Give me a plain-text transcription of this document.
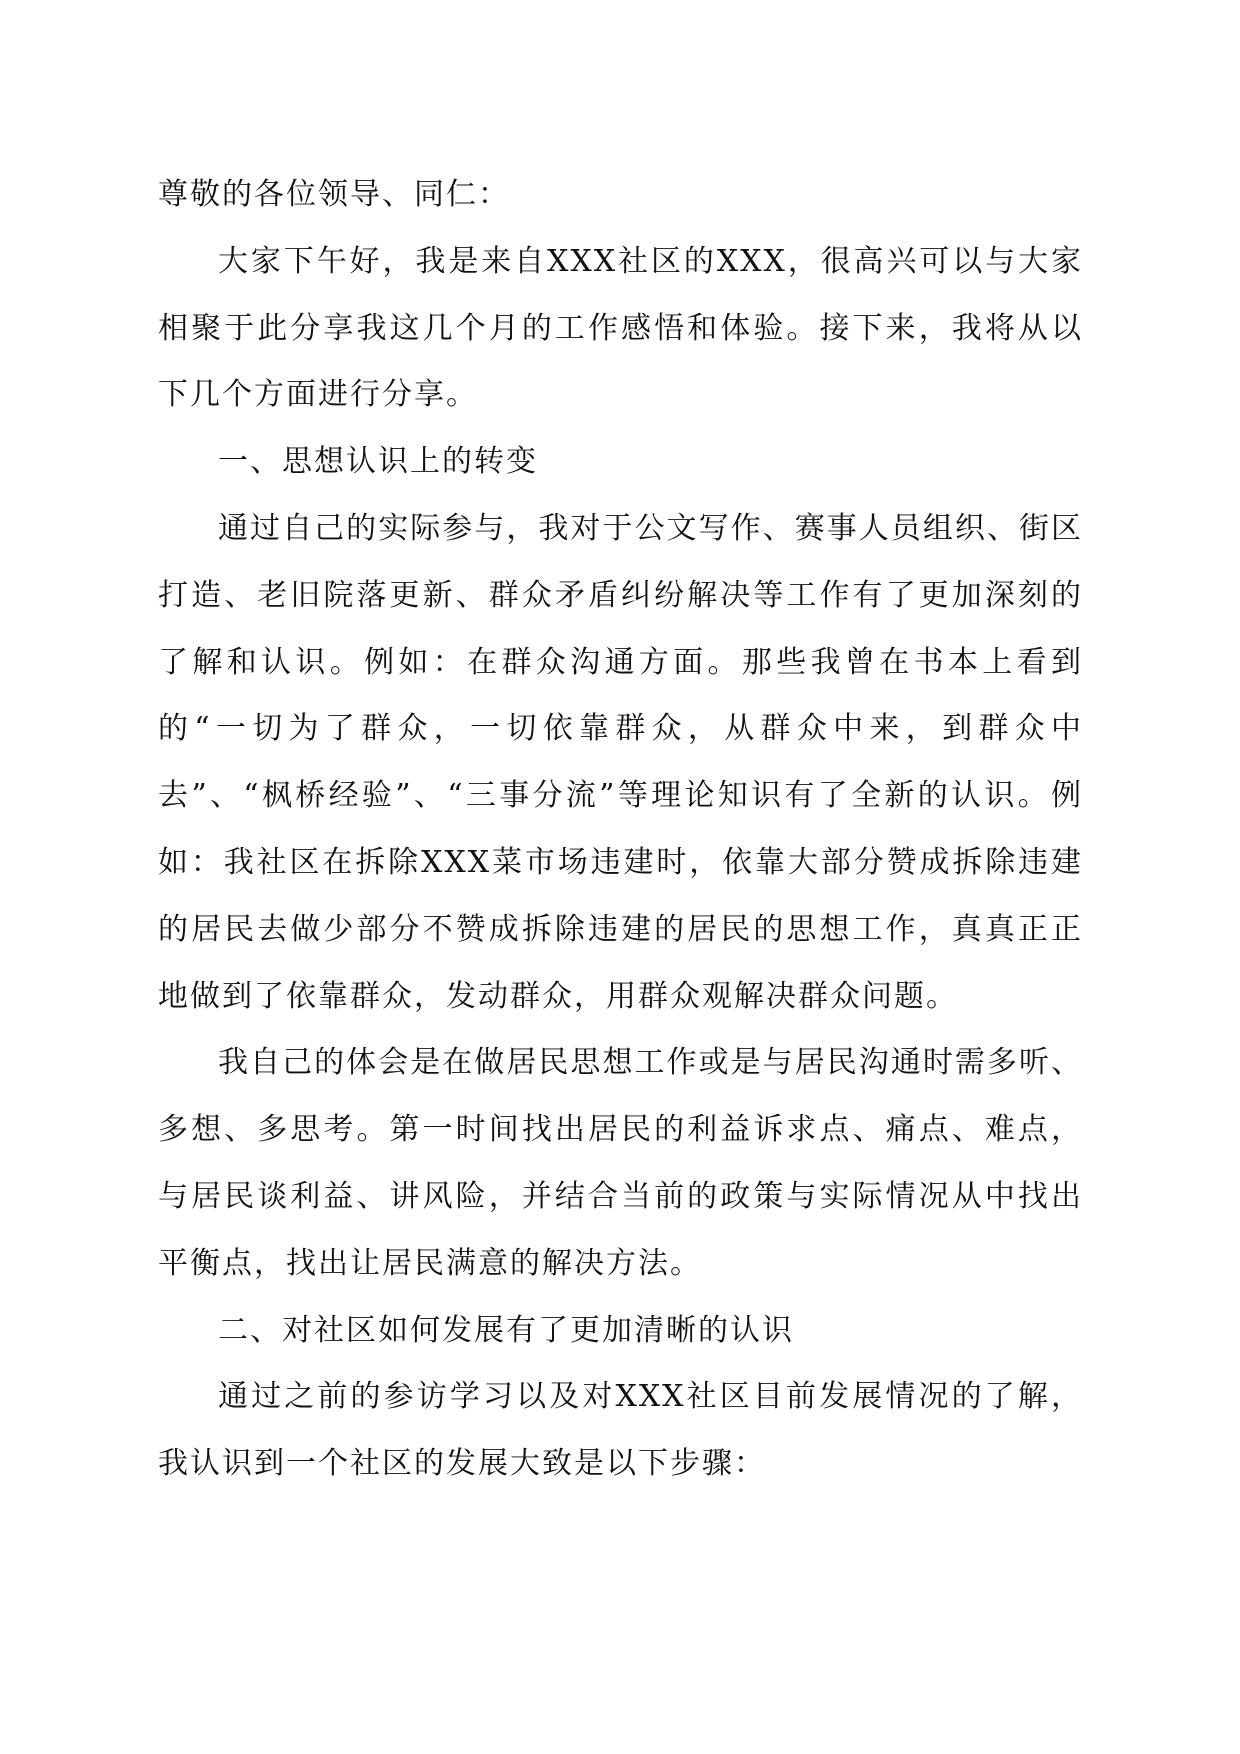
尊敬的各位领导、同仁：

大家下午好，我是来自XXX社区的XXX，很高兴可以与大家相聚于此分享我这几个月的工作感悟和体验。接下来，我将从以下几个方面进行分享。

一、思想认识上的转变

通过自己的实际参与，我对于公文写作、赛事人员组织、街区打造、老旧院落更新、群众矛盾纠纷解决等工作有了更加深刻的了解和认识。例如：在群众沟通方面。那些我曾在书本上看到的“一切为了群众，一切依靠群众，从群众中来，到群众中去”、“枫桥经验”、“三事分流”等理论知识有了全新的认识。例如：我社区在拆除XXX菜市场违建时，依靠大部分赞成拆除违建的居民去做少部分不赞成拆除违建的居民的思想工作，真真正正地做到了依靠群众，发动群众，用群众观解决群众问题。

我自己的体会是在做居民思想工作或是与居民沟通时需多听、多想、多思考。第一时间找出居民的利益诉求点、痛点、难点，与居民谈利益、讲风险，并结合当前的政策与实际情况从中找出平衡点，找出让居民满意的解决方法。

二、对社区如何发展有了更加清晰的认识

通过之前的参访学习以及对XXX社区目前发展情况的了解，我认识到一个社区的发展大致是以下步骤：
